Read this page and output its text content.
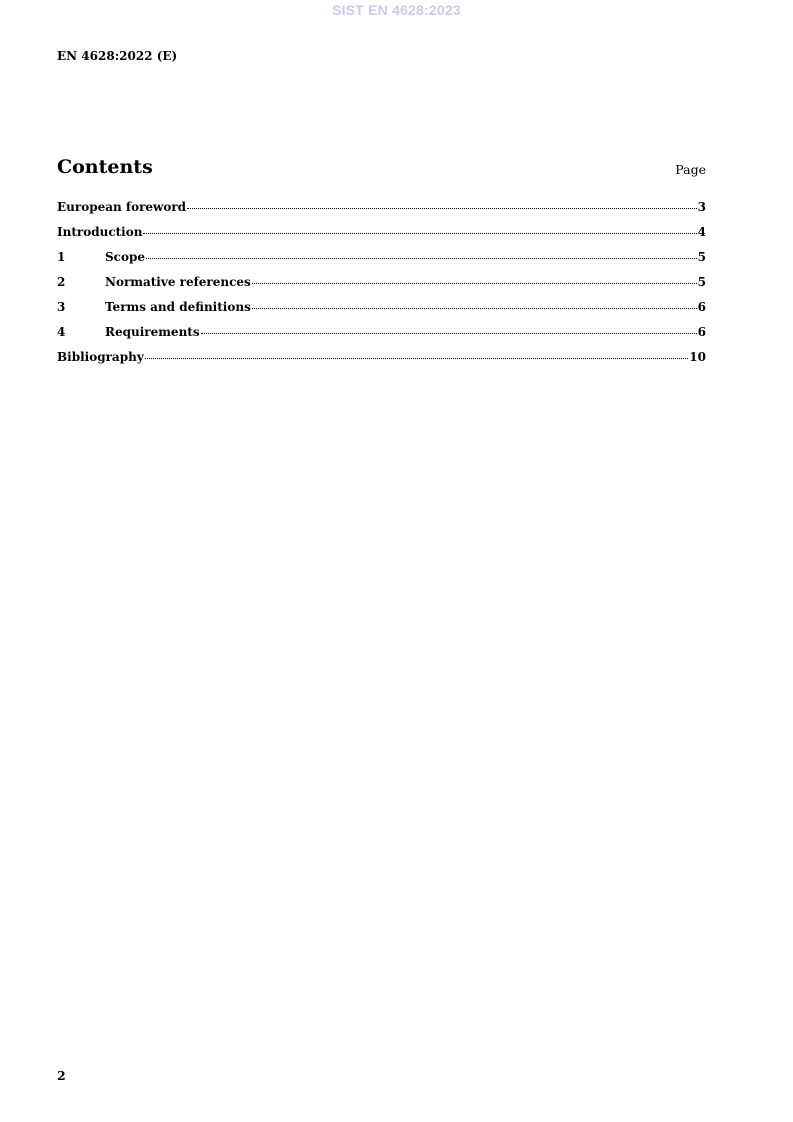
SIST EN 4628:2023
EN 4628:2022 (E)
Contents	Page
European foreword	3
Introduction	4
1	Scope	5
2	Normative references	5
3	Terms and definitions	6
4	Requirements	6
Bibliography	10
2
